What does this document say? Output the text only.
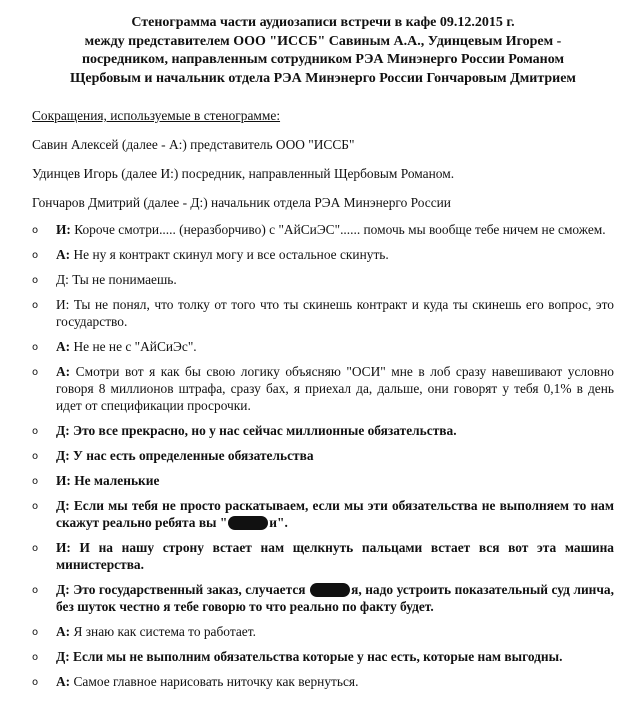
Стенограмма части аудиозаписи встречи в кафе 09.12.2015 г.
между представителем ООО "ИССБ" Савиным А.А., Удинцевым Игорем -
посредником, направленным сотрудником РЭА Минэнерго России Романом
Щербовым и начальник отдела РЭА Минэнерго России Гончаровым Дмитрием

Сокращения, используемые в стенограмме:

Савин Алексей (далее - А:) представитель ООО "ИССБ"

Удинцев Игорь (далее И:) посредник, направленный Щербовым Романом.

Гончаров Дмитрий (далее - Д:) начальник отдела РЭА Минэнерго России

o И: Короче смотри..... (неразборчиво) с "АйСиЭС"...... помочь мы вообще тебе ничем не сможем.
o А: Не ну я контракт скинул могу и все остальное скинуть.
o Д: Ты не понимаешь.
o И: Ты не понял, что толку от того что ты скинешь контракт и куда ты скинешь его вопрос, это государство.
o А: Не не не с "АйСиЭс".
o А: Смотри вот я как бы свою логику объясняю "ОСИ" мне в лоб сразу навешивают условно говоря 8 миллионов штрафа, сразу бах, я приехал да, дальше, они говорят у тебя 0,1% в день идет от спецификации просрочки.
o Д: Это все прекрасно, но у нас сейчас миллионные обязательства.
o Д: У нас есть определенные обязательства
o И: Не маленькие
o Д: Если мы тебя не просто раскатываем, если мы эти обязательства не выполняем то нам скажут реально ребята вы "	и".
o И: И на нашу строну встает нам щелкнуть пальцами встает вся вот эта машина министерства.
o Д: Это государственный заказ, случается	я, надо устроить показательный суд линча, без шуток честно я тебе говорю то что реально по факту будет.
o А: Я знаю как система то работает.
o Д: Если мы не выполним обязательства которые у нас есть, которые нам выгодны.
o А: Самое главное нарисовать ниточку как вернуться.
